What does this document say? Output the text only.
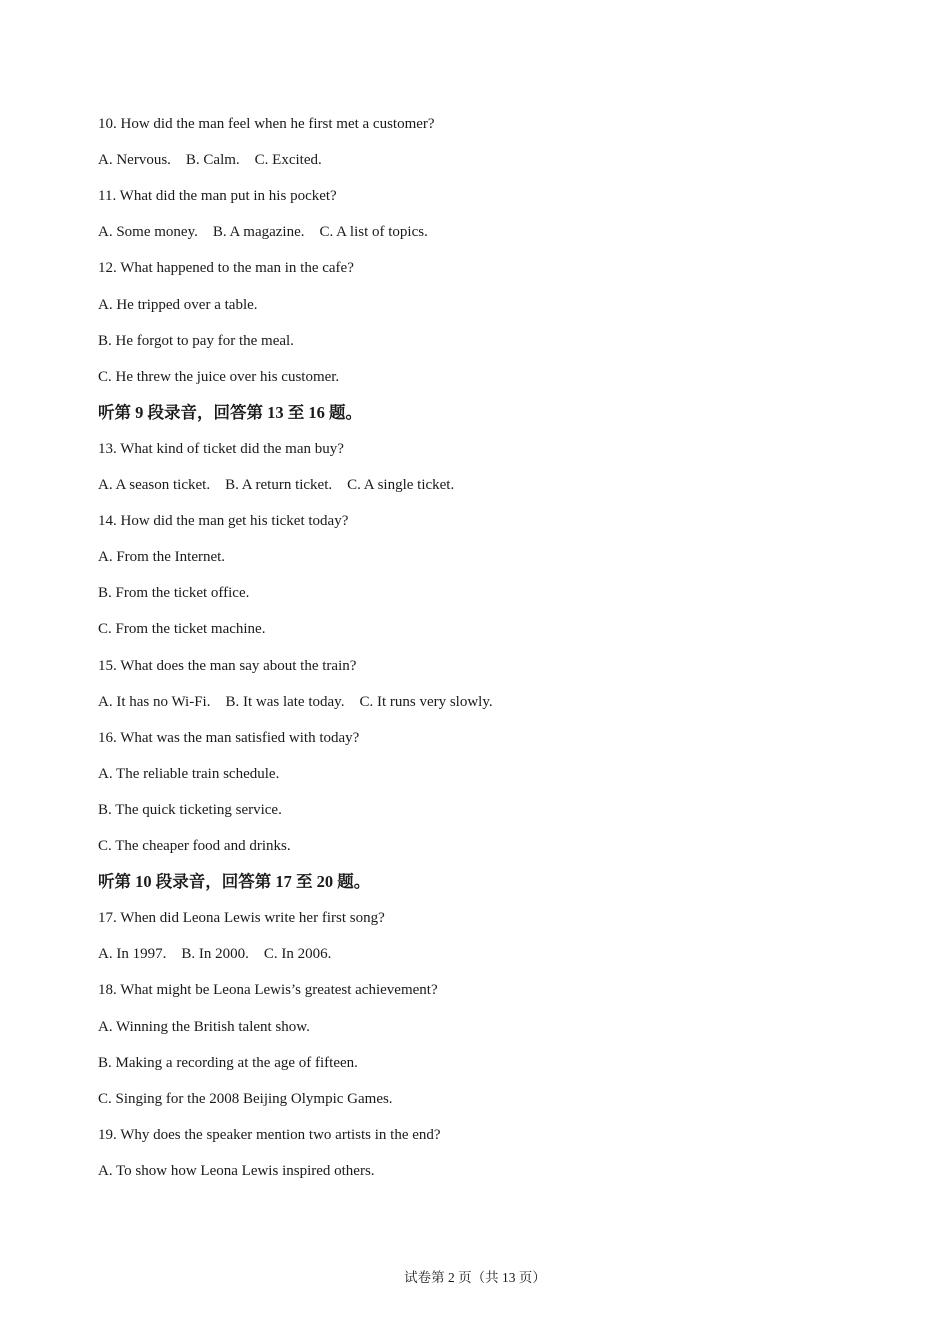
10. How did the man feel when he first met a customer?
A. Nervous.    B. Calm.    C. Excited.
11. What did the man put in his pocket?
A. Some money.    B. A magazine.    C. A list of topics.
12. What happened to the man in the cafe?
A. He tripped over a table.
B. He forgot to pay for the meal.
C. He threw the juice over his customer.
听第 9 段录音，回答第 13 至 16 题。
13. What kind of ticket did the man buy?
A. A season ticket.    B. A return ticket.    C. A single ticket.
14. How did the man get his ticket today?
A. From the Internet.
B. From the ticket office.
C. From the ticket machine.
15. What does the man say about the train?
A. It has no Wi-Fi.    B. It was late today.    C. It runs very slowly.
16. What was the man satisfied with today?
A. The reliable train schedule.
B. The quick ticketing service.
C. The cheaper food and drinks.
听第 10 段录音，回答第 17 至 20 题。
17. When did Leona Lewis write her first song?
A. In 1997.    B. In 2000.    C. In 2006.
18. What might be Leona Lewis’s greatest achievement?
A. Winning the British talent show.
B. Making a recording at the age of fifteen.
C. Singing for the 2008 Beijing Olympic Games.
19. Why does the speaker mention two artists in the end?
A. To show how Leona Lewis inspired others.
试卷第 2 页（共 13 页）
